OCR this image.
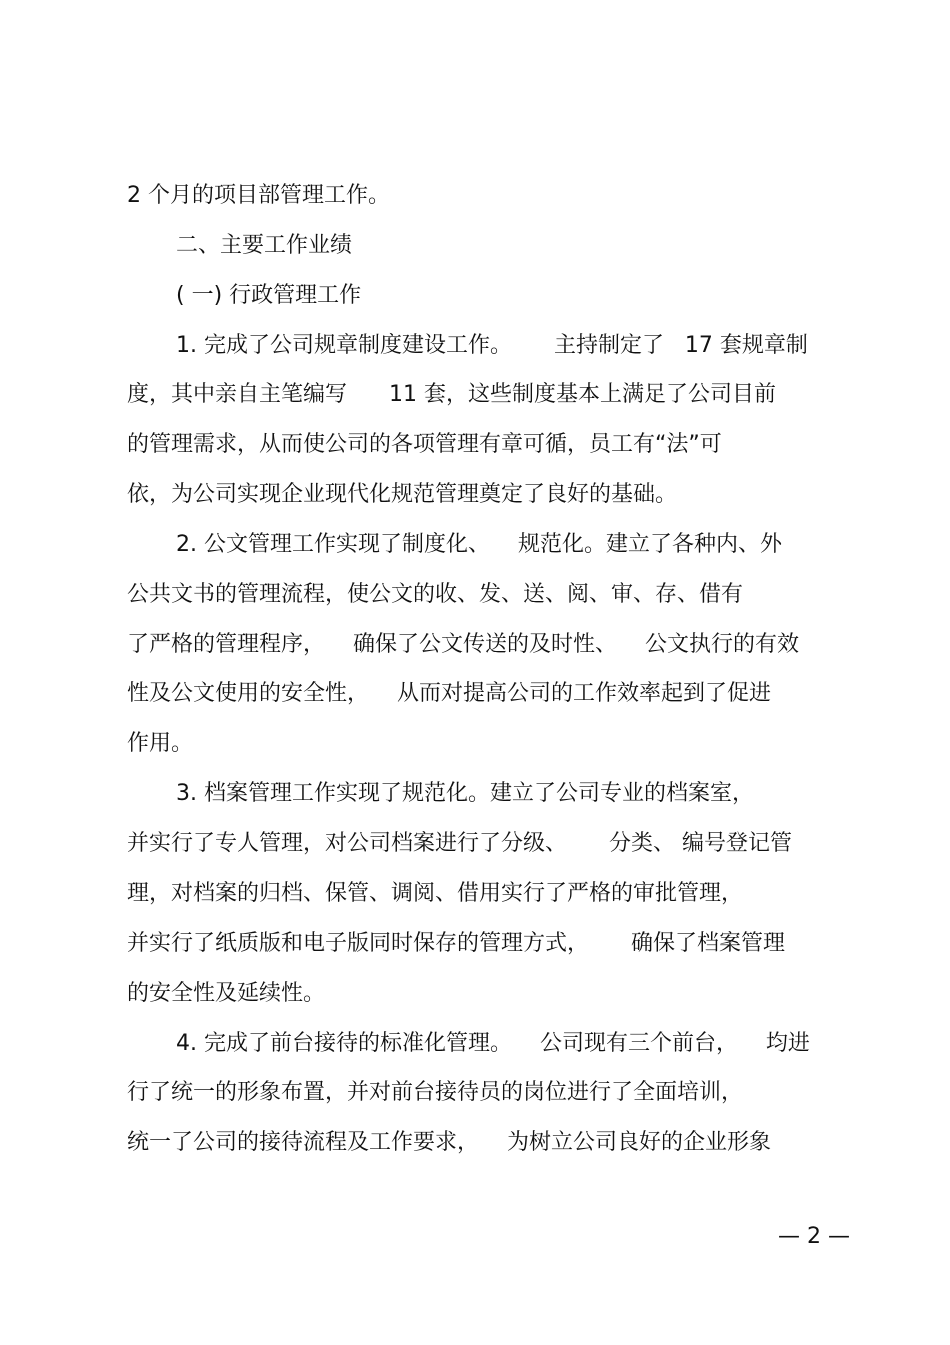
2 个月的项目部管理工作。
二、主要工作业绩
( 一) 行政管理工作
1. 完成了公司规章制度建设工作。      主持制定了   17 套规章制
度，其中亲自主笔编写      11 套，这些制度基本上满足了公司目前
的管理需求，从而使公司的各项管理有章可循，员工有“法”可
依，为公司实现企业现代化规范管理奠定了良好的基础。
2. 公文管理工作实现了制度化、    规范化。建立了各种内、外
公共文书的管理流程，使公文的收、发、送、阅、审、存、借有
了严格的管理程序，    确保了公文传送的及时性、    公文执行的有效
性及公文使用的安全性，    从而对提高公司的工作效率起到了促进
作用。
3. 档案管理工作实现了规范化。建立了公司专业的档案室，
并实行了专人管理，对公司档案进行了分级、      分类、 编号登记管
理，对档案的归档、保管、调阅、借用实行了严格的审批管理，
并实行了纸质版和电子版同时保存的管理方式，      确保了档案管理
的安全性及延续性。
4. 完成了前台接待的标准化管理。    公司现有三个前台，    均进
行了统一的形象布置，并对前台接待员的岗位进行了全面培训，
统一了公司的接待流程及工作要求，    为树立公司良好的企业形象
— 2 —
